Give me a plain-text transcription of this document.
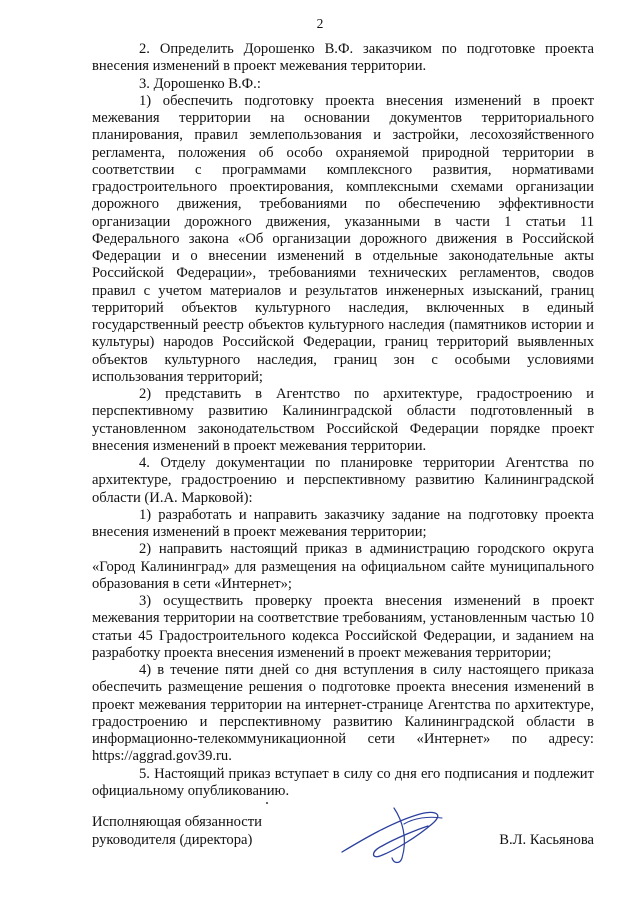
2

2. Определить Дорошенко В.Ф. заказчиком по подготовке проекта внесения изменений в проект межевания территории.

3. Дорошенко В.Ф.:

1) обеспечить подготовку проекта внесения изменений в проект межевания территории на основании документов территориального планирования, правил землепользования и застройки, лесохозяйственного регламента, положения об особо охраняемой природной территории в соответствии с программами комплексного развития, нормативами градостроительного проектирования, комплексными схемами организации дорожного движения, требованиями по обеспечению эффективности организации дорожного движения, указанными в части 1 статьи 11 Федерального закона «Об организации дорожного движения в Российской Федерации и о внесении изменений в отдельные законодательные акты Российской Федерации», требованиями технических регламентов, сводов правил с учетом материалов и результатов инженерных изысканий, границ территорий объектов культурного наследия, включенных в единый государственный реестр объектов культурного наследия (памятников истории и культуры) народов Российской Федерации, границ территорий выявленных объектов культурного наследия, границ зон с особыми условиями использования территорий;

2) представить в Агентство по архитектуре, градостроению и перспективному развитию Калининградской области подготовленный в установленном законодательством Российской Федерации порядке проект внесения изменений в проект межевания территории.

4. Отделу документации по планировке территории Агентства по архитектуре, градостроению и перспективному развитию Калининградской области (И.А. Марковой):

1) разработать и направить заказчику задание на подготовку проекта внесения изменений в проект межевания территории;

2) направить настоящий приказ в администрацию городского округа «Город Калининград» для размещения на официальном сайте муниципального образования в сети «Интернет»;

3) осуществить проверку проекта внесения изменений в проект межевания территории на соответствие требованиям, установленным частью 10 статьи 45 Градостроительного кодекса Российской Федерации, и заданием на разработку проекта внесения изменений в проект межевания территории;

4) в течение пяти дней со дня вступления в силу настоящего приказа обеспечить размещение решения о подготовке проекта внесения изменений в проект межевания территории на интернет-странице Агентства по архитектуре, градостроению и перспективному развитию Калининградской области в информационно-телекоммуникационной сети «Интернет» по адресу: https://aggrad.gov39.ru.

5. Настоящий приказ вступает в силу со дня его подписания и подлежит официальному опубликованию.

Исполняющая обязанности
руководителя (директора)	В.Л. Касьянова
